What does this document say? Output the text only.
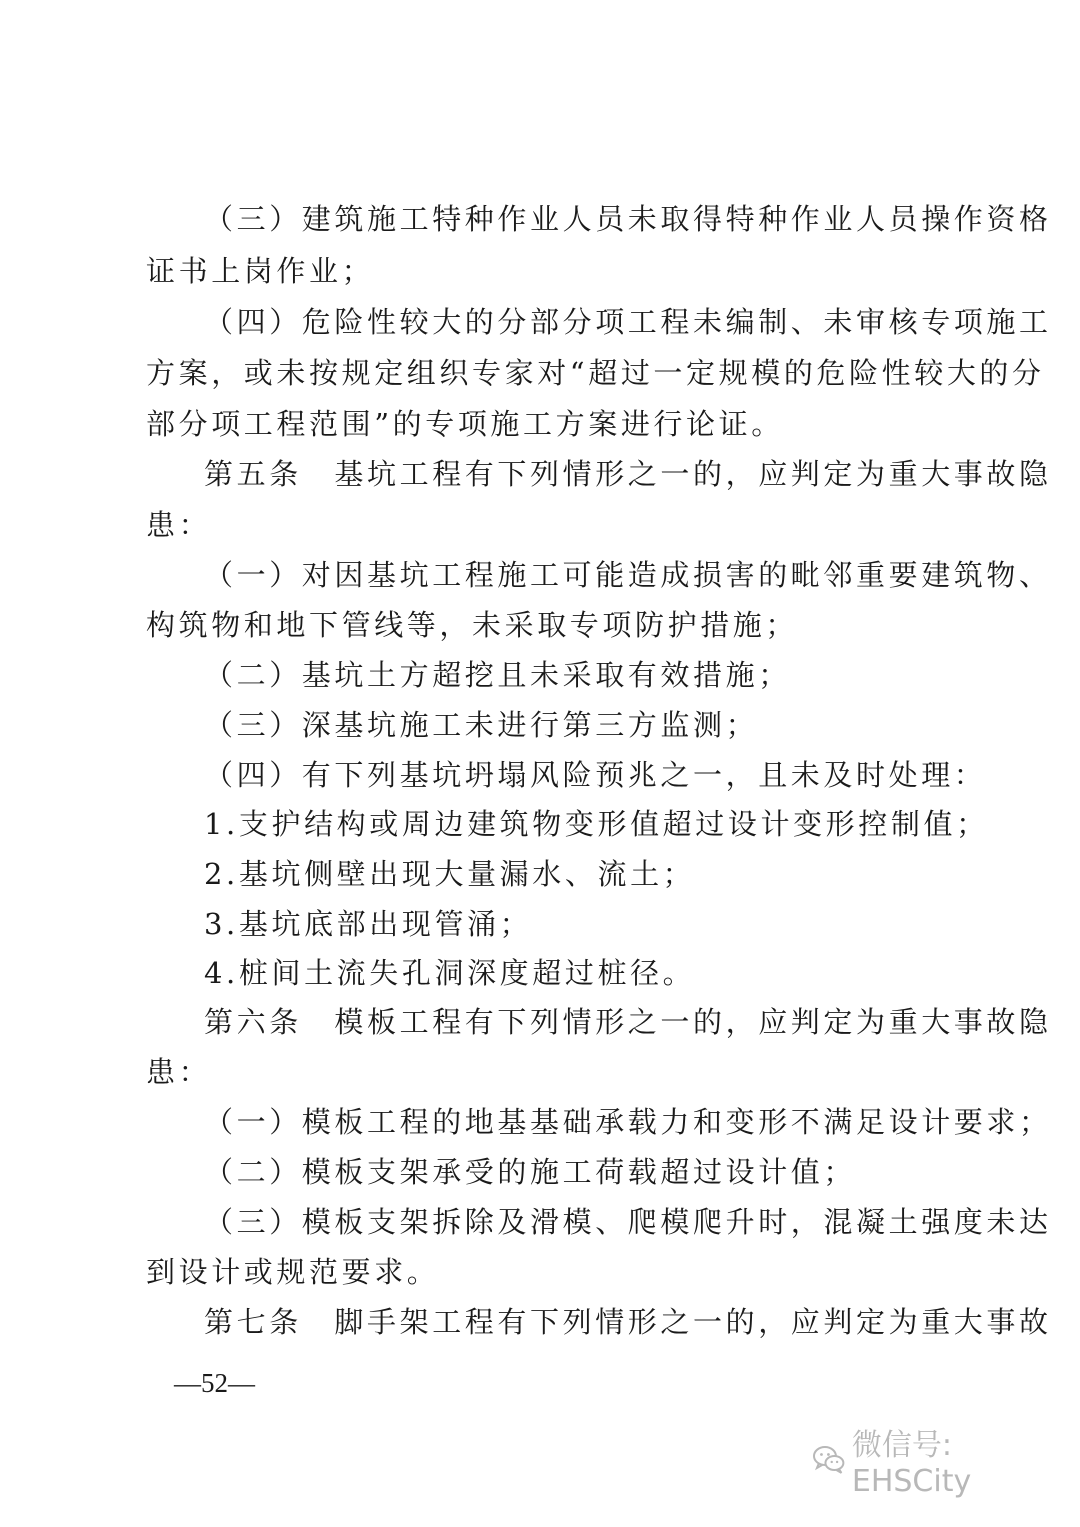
（三）建筑施工特种作业人员未取得特种作业人员操作资格
证书上岗作业；
（四）危险性较大的分部分项工程未编制、未审核专项施工
方案，或未按规定组织专家对“超过一定规模的危险性较大的分
部分项工程范围”的专项施工方案进行论证。
第五条　基坑工程有下列情形之一的，应判定为重大事故隐
患：
（一）对因基坑工程施工可能造成损害的毗邻重要建筑物、
构筑物和地下管线等，未采取专项防护措施；
（二）基坑土方超挖且未采取有效措施；
（三）深基坑施工未进行第三方监测；
（四）有下列基坑坍塌风险预兆之一，且未及时处理：
1.支护结构或周边建筑物变形值超过设计变形控制值；
2.基坑侧壁出现大量漏水、流土；
3.基坑底部出现管涌；
4.桩间土流失孔洞深度超过桩径。
第六条　模板工程有下列情形之一的，应判定为重大事故隐
患：
（一）模板工程的地基基础承载力和变形不满足设计要求；
（二）模板支架承受的施工荷载超过设计值；
（三）模板支架拆除及滑模、爬模爬升时，混凝土强度未达
到设计或规范要求。
第七条　脚手架工程有下列情形之一的，应判定为重大事故
—52—
微信号: EHSCity
